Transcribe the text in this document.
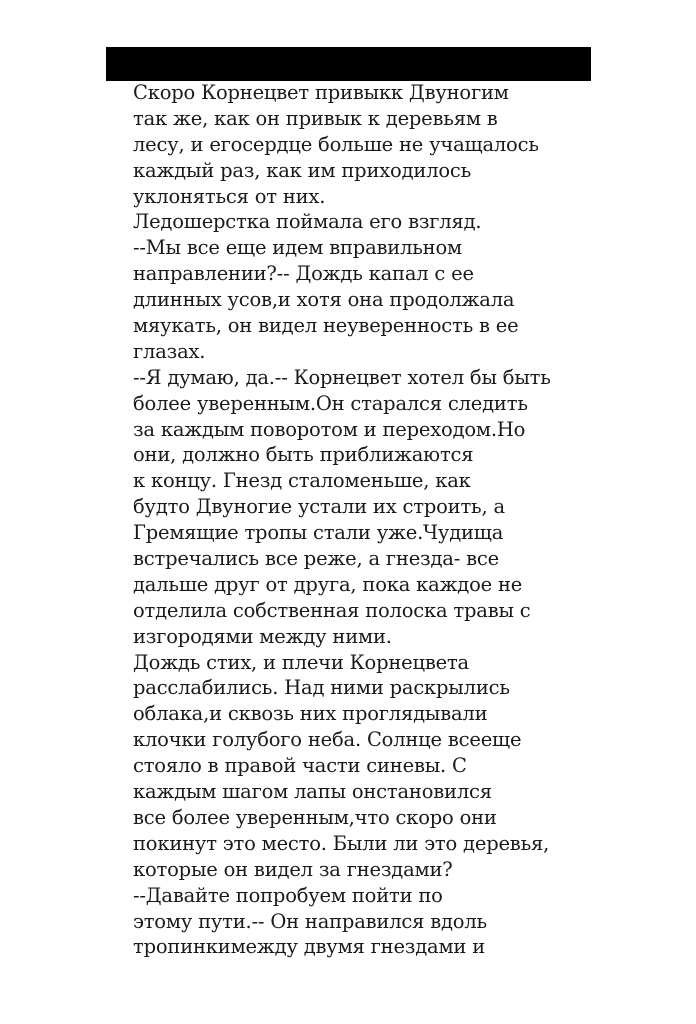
Скоро Корнецвет привыкк Двуногим
так же, как он привык к деревьям в
лесу, и егосердце больше не учащалось
каждый раз, как им приходилось
уклоняться от них.
Ледошерстка поймала его взгляд.
--Мы все еще идем вправильном
направлении?-- Дождь капал с ее
длинных усов,и хотя она продолжала
мяукать, он видел неуверенность в ее
глазах.
--Я думаю, да.-- Корнецвет хотел бы быть
более уверенным.Он старался следить
за каждым поворотом и переходом.Но
они, должно быть приближаются
к концу. Гнезд сталоменьше, как
будто Двуногие устали их строить, а
Гремящие тропы стали уже.Чудища
встречались все реже, а гнезда- все
дальше друг от друга, пока каждое не
отделила собственная полоска травы с
изгородями между ними.
Дождь стих, и плечи Корнецвета
расслабились. Над ними раскрылись
облака,и сквозь них проглядывали
клочки голубого неба. Солнце всееще
стояло в правой части синевы. С
каждым шагом лапы онстановился
все более уверенным,что скоро они
покинут это место. Были ли это деревья,
которые он видел за гнездами?
--Давайте попробуем пойти по
этому пути.-- Он направился вдоль
тропинкимежду двумя гнездами и
